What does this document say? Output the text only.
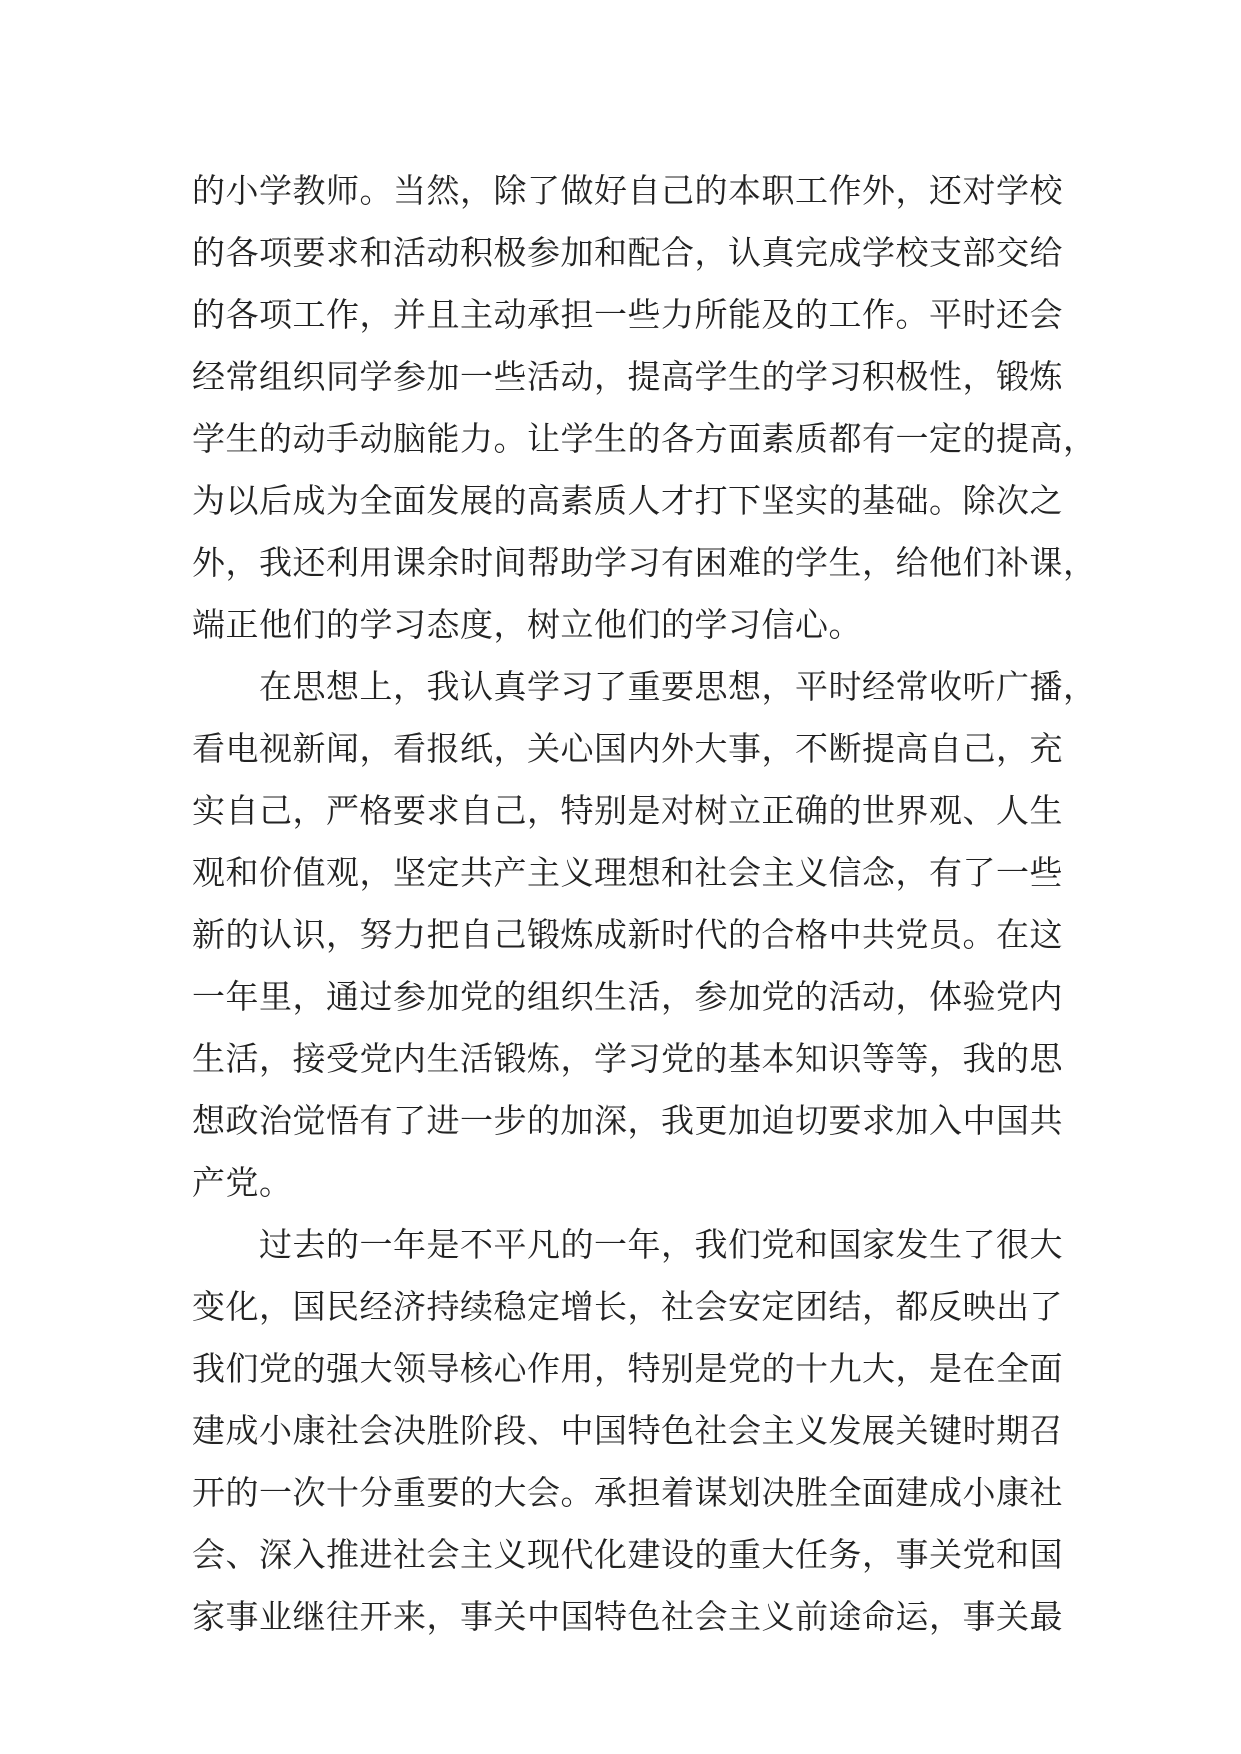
的小学教师。当然，除了做好自己的本职工作外，还对学校
的各项要求和活动积极参加和配合，认真完成学校支部交给
的各项工作，并且主动承担一些力所能及的工作。平时还会
经常组织同学参加一些活动，提高学生的学习积极性，锻炼
学生的动手动脑能力。让学生的各方面素质都有一定的提高，
为以后成为全面发展的高素质人才打下坚实的基础。除次之
外，我还利用课余时间帮助学习有困难的学生，给他们补课，
端正他们的学习态度，树立他们的学习信心。

　　在思想上，我认真学习了重要思想，平时经常收听广播，
看电视新闻，看报纸，关心国内外大事，不断提高自己，充
实自己，严格要求自己，特别是对树立正确的世界观、人生
观和价值观，坚定共产主义理想和社会主义信念，有了一些
新的认识，努力把自己锻炼成新时代的合格中共党员。在这
一年里，通过参加党的组织生活，参加党的活动，体验党内
生活，接受党内生活锻炼，学习党的基本知识等等，我的思
想政治觉悟有了进一步的加深，我更加迫切要求加入中国共
产党。

　　过去的一年是不平凡的一年，我们党和国家发生了很大
变化，国民经济持续稳定增长，社会安定团结，都反映出了
我们党的强大领导核心作用，特别是党的十九大，是在全面
建成小康社会决胜阶段、中国特色社会主义发展关键时期召
开的一次十分重要的大会。承担着谋划决胜全面建成小康社
会、深入推进社会主义现代化建设的重大任务，事关党和国
家事业继往开来，事关中国特色社会主义前途命运，事关最
